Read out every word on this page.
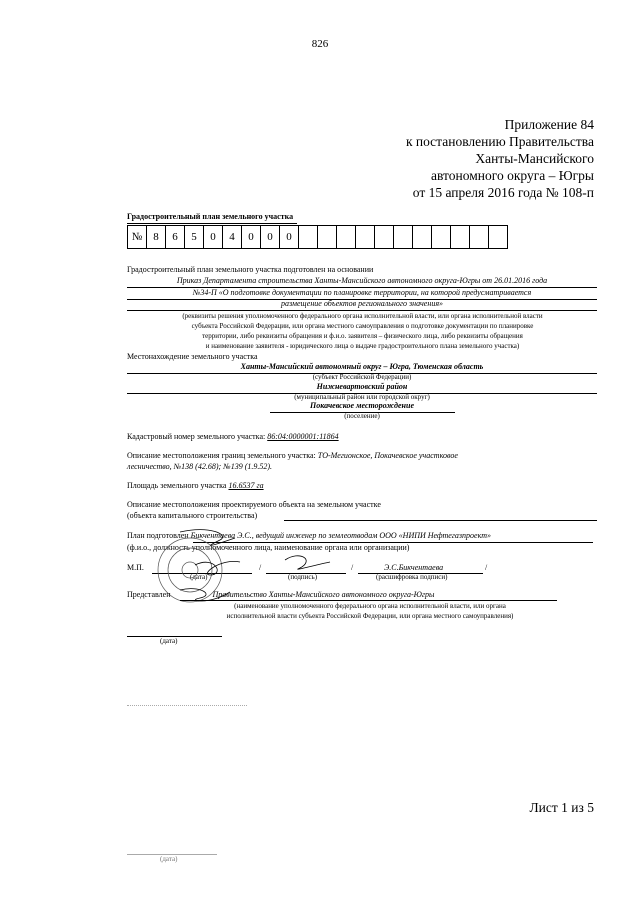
826
Приложение 84
к постановлению Правительства
Ханты-Мансийского
автономного округа – Югры
от 15 апреля 2016 года № 108-п
Градостроительный план земельного участка
№	8	6	5	0	4	0	0	0											
Градостроительный план земельного участка подготовлен на основании
Приказ Департамента строительства Ханты-Мансийского автономного округа-Югры от 26.01.2016 года
№34-П «О подготовке документации по планировке территории, на которой предусматривается
размещение объектов регионального значения»
(реквизиты решения уполномоченного федерального органа исполнительной власти, или органа исполнительной власти
субъекта Российской Федерации, или органа местного самоуправления о подготовке документации по планировке
территории, либо реквизиты обращения и ф.и.о. заявителя – физического лица, либо реквизиты обращения
и наименование заявителя - юридического лица о выдаче градостроительного плана земельного участка)
Местонахождение земельного участка
Ханты-Мансийский автономный округ – Югра, Тюменская область
(субъект Российской Федерации)
Нижневартовский район
(муниципальный район или городской округ)
Покачевское месторождение
(поселение)
Кадастровый номер земельного участка: 86:04:0000001:11864
Описание местоположения границ земельного участка: ТО-Мегионское, Покачевское участковое
лесничество, №138 (42.68); №139 (1.9.52).
Площадь земельного участка 16.6537 га
Описание местоположения проектируемого объекта на земельном участке
(объекта капитального строительства)
План подготовлен Бикчентаева Э.С., ведущий инженер по землеотводам ООО «НИПИ Нефтегазпроект»
(ф.и.о., должность уполномоченного лица, наименование органа или организации)
М.П.
(дата)
/
(подпись)
/	Э.С.Бикчентаева	/
(расшифровка подписи)
Представлен	Правительство Ханты-Мансийского автономного округа-Югры
(наименование уполномоченного федерального органа исполнительной власти, или органа
исполнительной власти субъекта Российской Федерации, или органа местного самоуправления)
(дата)
Лист 1 из 5
(дата)
